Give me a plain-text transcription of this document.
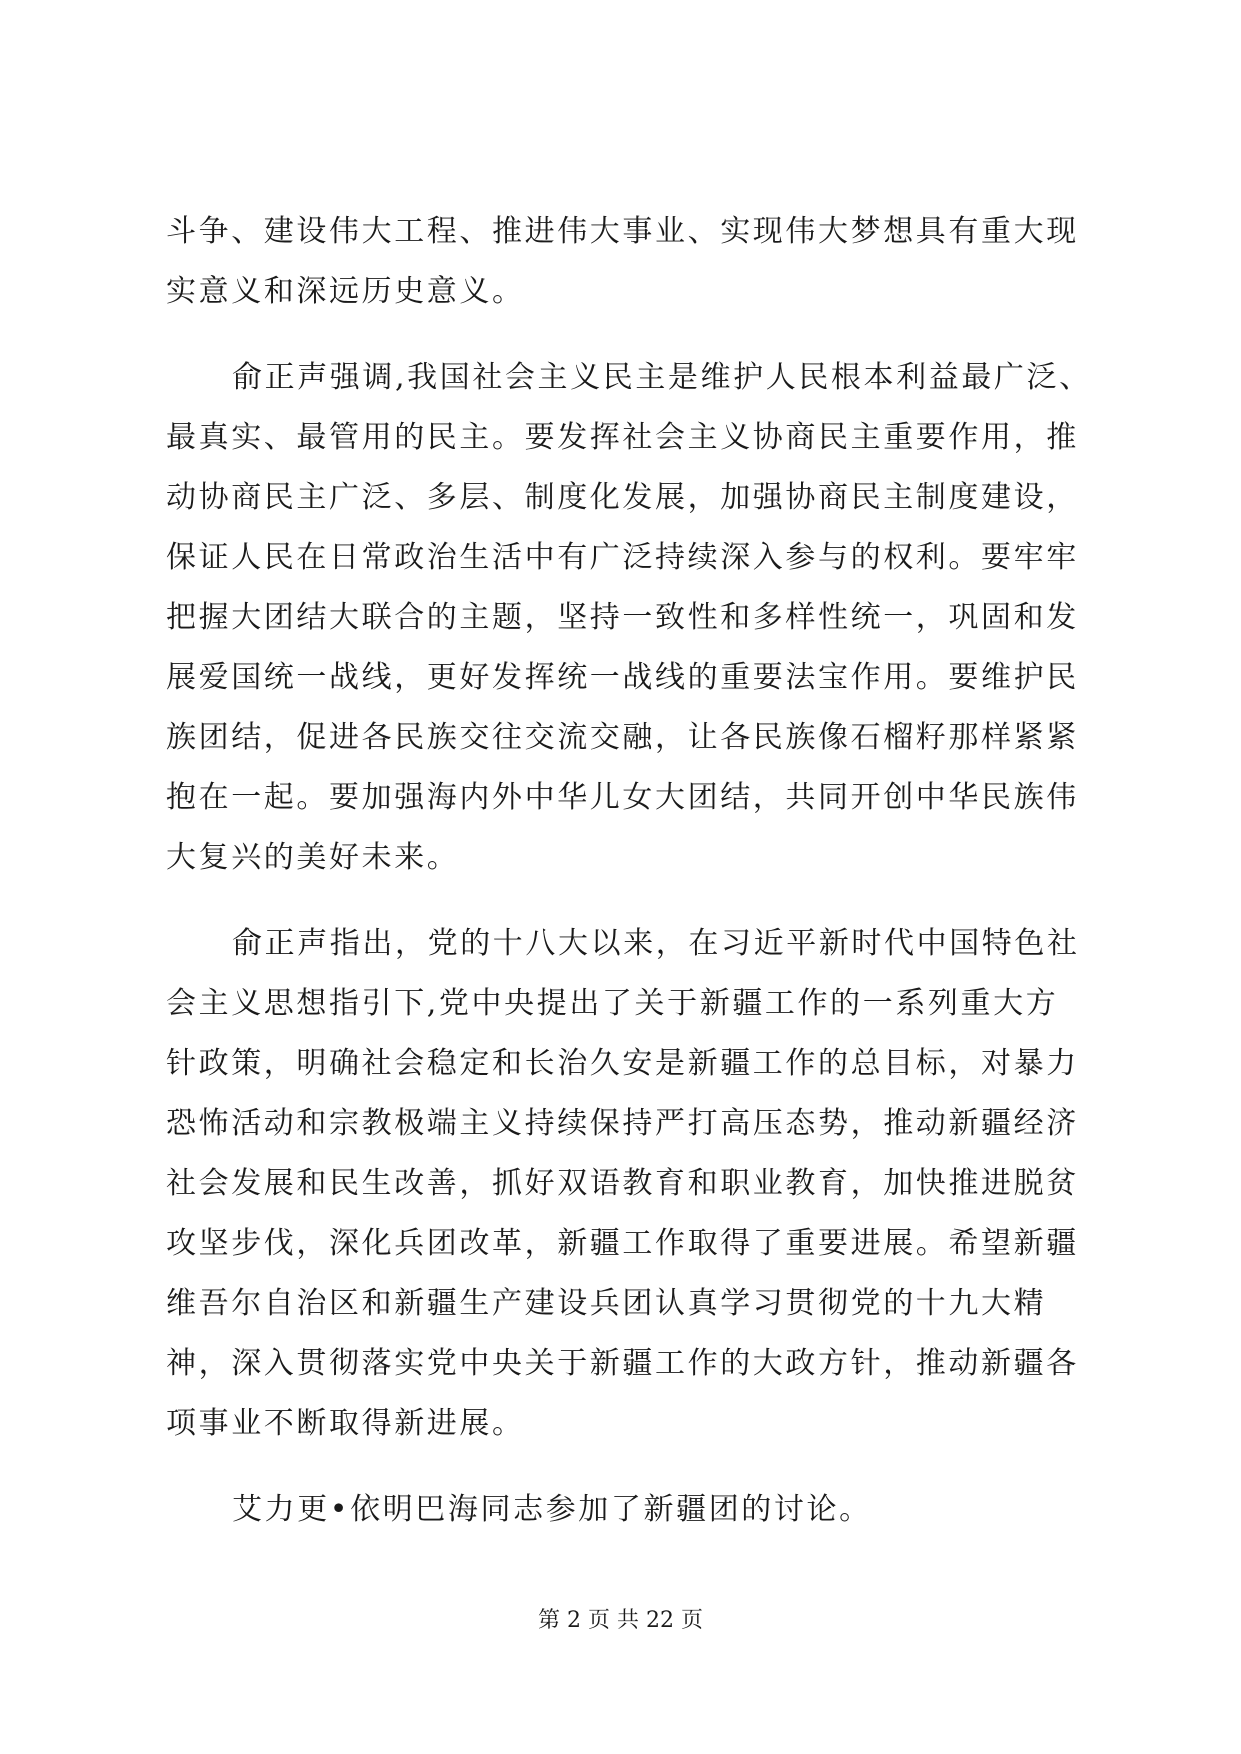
斗争、建设伟大工程、推进伟大事业、实现伟大梦想具有重大现
实意义和深远历史意义。
俞正声强调,我国社会主义民主是维护人民根本利益最广泛、
最真实、最管用的民主。要发挥社会主义协商民主重要作用，推
动协商民主广泛、多层、制度化发展，加强协商民主制度建设，
保证人民在日常政治生活中有广泛持续深入参与的权利。要牢牢
把握大团结大联合的主题，坚持一致性和多样性统一，巩固和发
展爱国统一战线，更好发挥统一战线的重要法宝作用。要维护民
族团结，促进各民族交往交流交融，让各民族像石榴籽那样紧紧
抱在一起。要加强海内外中华儿女大团结，共同开创中华民族伟
大复兴的美好未来。
俞正声指出，党的十八大以来，在习近平新时代中国特色社
会主义思想指引下,党中央提出了关于新疆工作的一系列重大方
针政策，明确社会稳定和长治久安是新疆工作的总目标，对暴力
恐怖活动和宗教极端主义持续保持严打高压态势，推动新疆经济
社会发展和民生改善，抓好双语教育和职业教育，加快推进脱贫
攻坚步伐，深化兵团改革，新疆工作取得了重要进展。希望新疆
维吾尔自治区和新疆生产建设兵团认真学习贯彻党的十九大精
神，深入贯彻落实党中央关于新疆工作的大政方针，推动新疆各
项事业不断取得新进展。
艾力更•依明巴海同志参加了新疆团的讨论。
第 2 页 共 22 页
